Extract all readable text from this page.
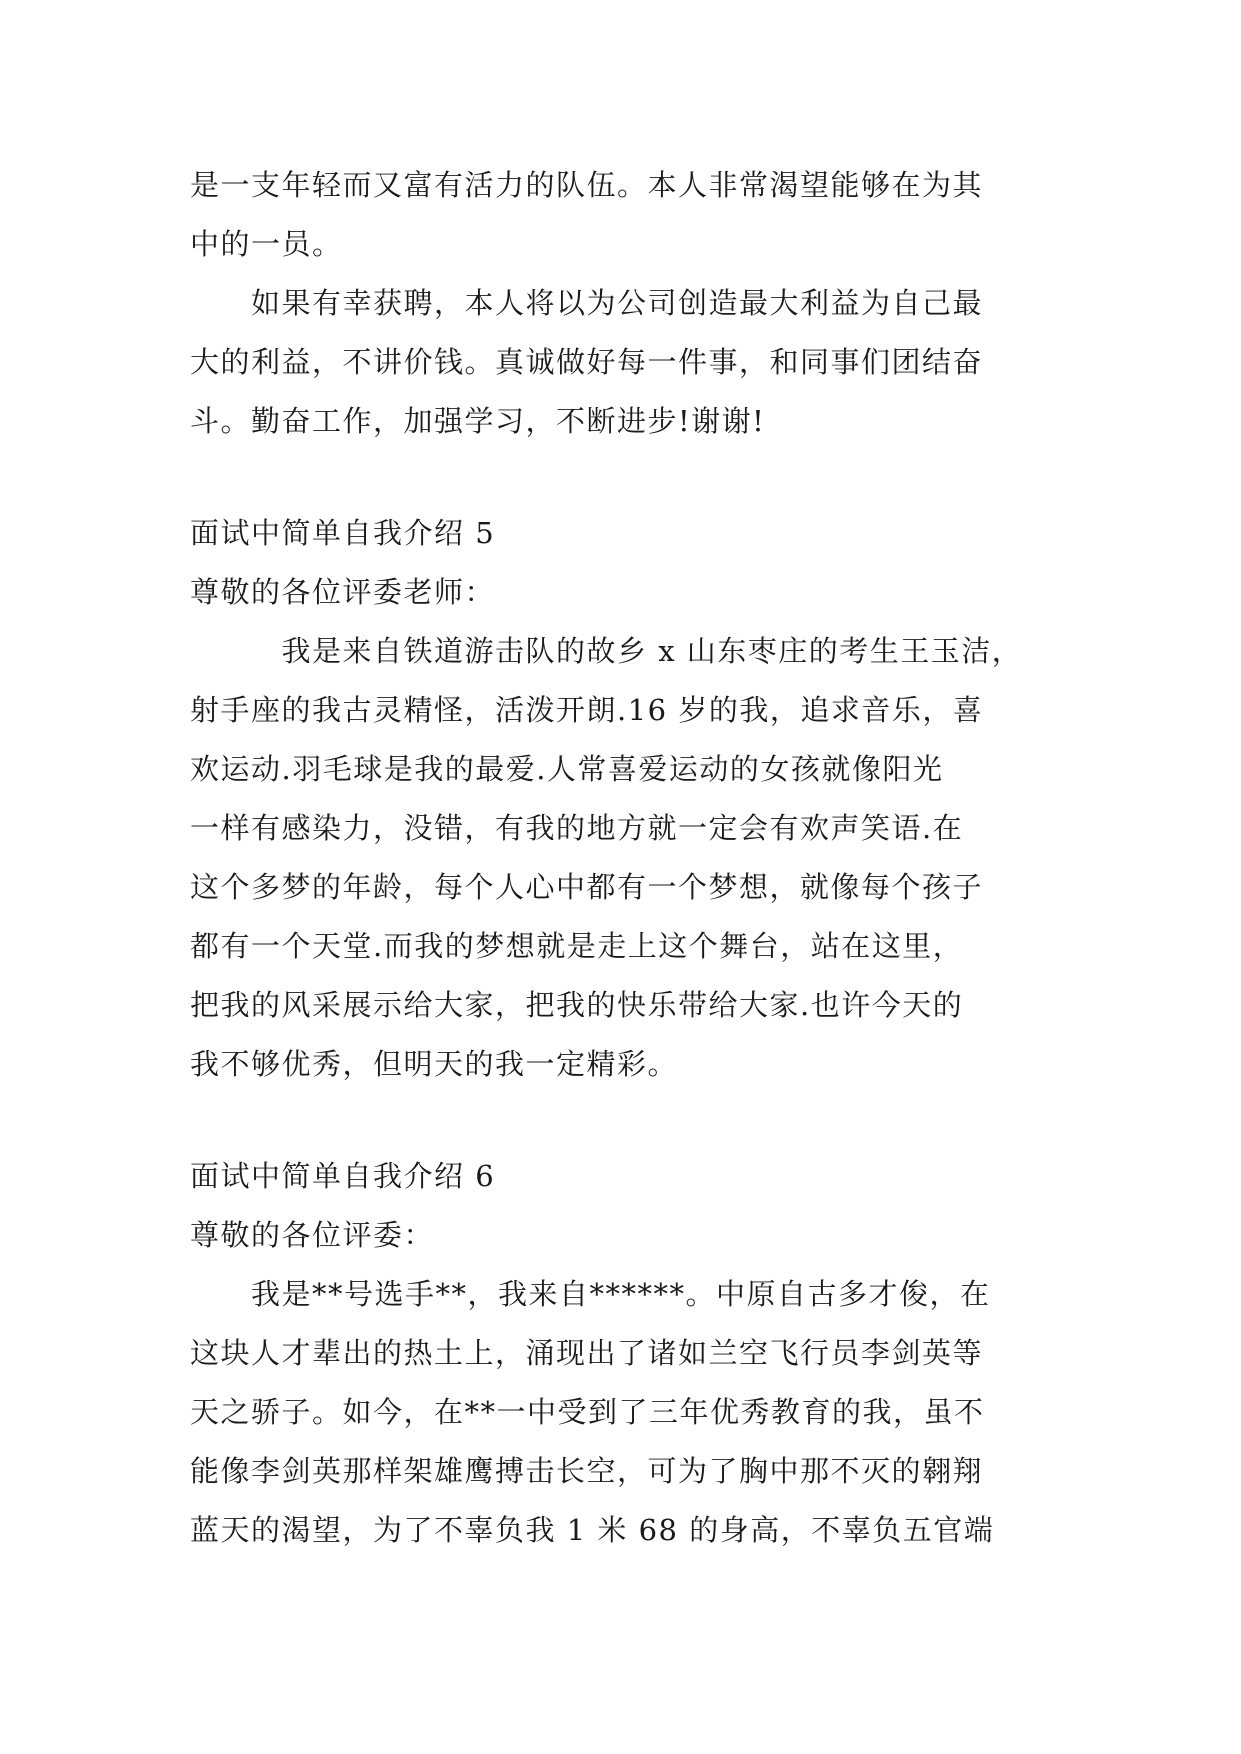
是一支年轻而又富有活力的队伍。本人非常渴望能够在为其
中的一员。
　　如果有幸获聘，本人将以为公司创造最大利益为自己最
大的利益，不讲价钱。真诚做好每一件事，和同事们团结奋
斗。勤奋工作，加强学习，不断进步!谢谢!
面试中简单自我介绍 5
尊敬的各位评委老师：
　　　我是来自铁道游击队的故乡 x 山东枣庄的考生王玉洁，
射手座的我古灵精怪，活泼开朗.16 岁的我，追求音乐，喜
欢运动.羽毛球是我的最爱.人常喜爱运动的女孩就像阳光
一样有感染力，没错，有我的地方就一定会有欢声笑语.在
这个多梦的年龄，每个人心中都有一个梦想，就像每个孩子
都有一个天堂.而我的梦想就是走上这个舞台，站在这里，
把我的风采展示给大家，把我的快乐带给大家.也许今天的
我不够优秀，但明天的我一定精彩。
面试中简单自我介绍 6
尊敬的各位评委：
　　我是**号选手**，我来自******。中原自古多才俊，在
这块人才辈出的热土上，涌现出了诸如兰空飞行员李剑英等
天之骄子。如今，在**一中受到了三年优秀教育的我，虽不
能像李剑英那样架雄鹰搏击长空，可为了胸中那不灭的翱翔
蓝天的渴望，为了不辜负我 1 米 68 的身高，不辜负五官端
